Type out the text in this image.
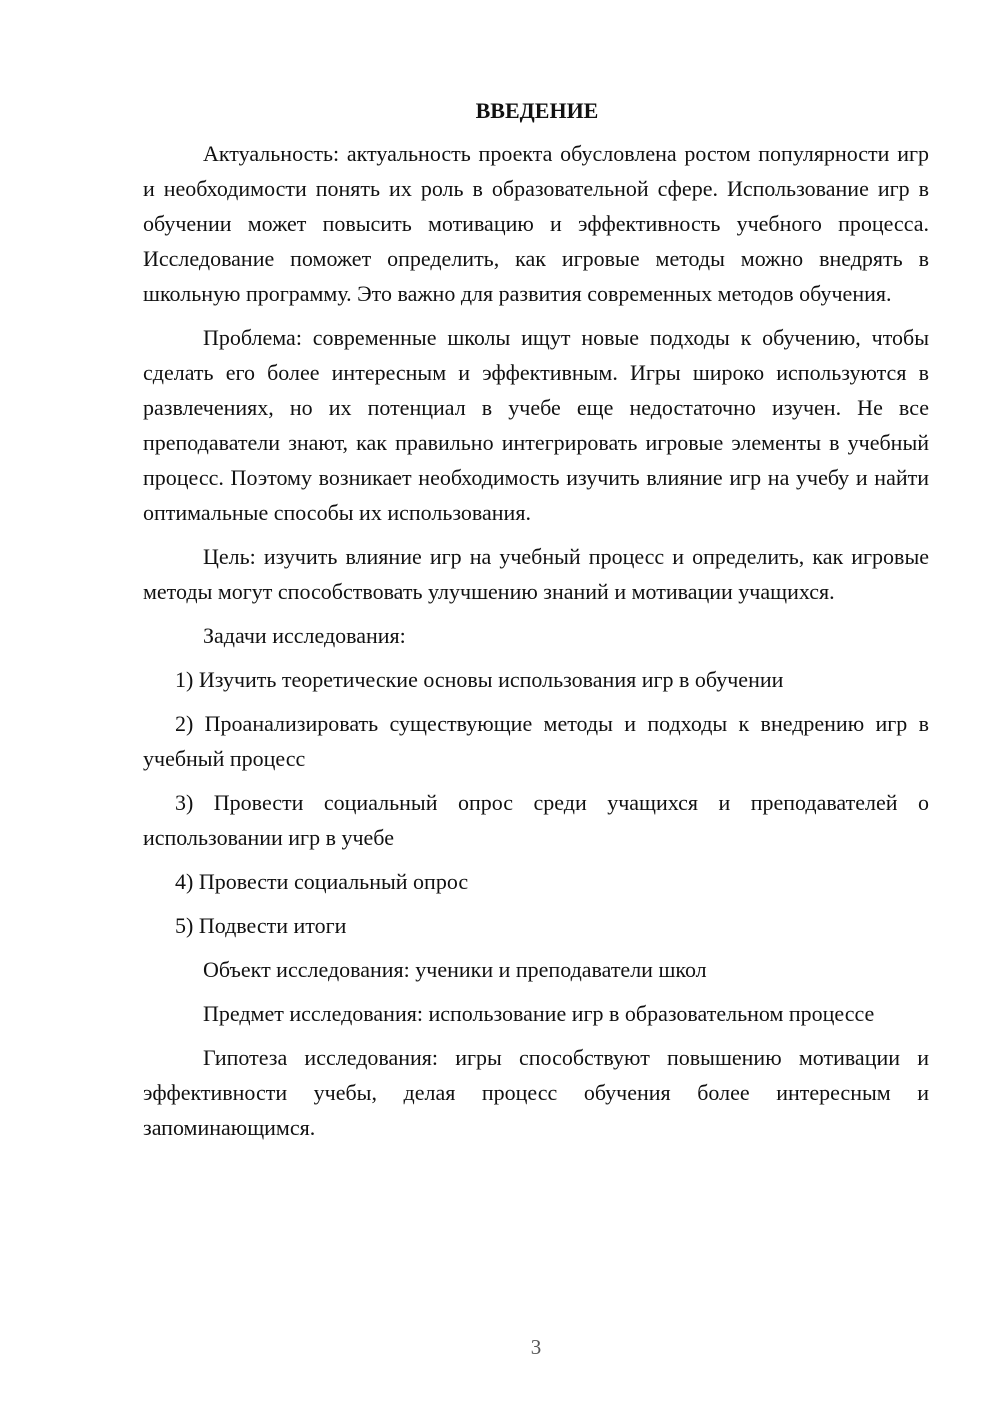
ВВЕДЕНИЕ

Актуальность: актуальность проекта обусловлена ростом популярности игр и необходимости понять их роль в образовательной сфере. Использование игр в обучении может повысить мотивацию и эффективность учебного процесса. Исследование поможет определить, как игровые методы можно внедрять в школьную программу. Это важно для развития современных методов обучения.

Проблема: современные школы ищут новые подходы к обучению, чтобы сделать его более интересным и эффективным. Игры широко используются в развлечениях, но их потенциал в учебе еще недостаточно изучен. Не все преподаватели знают, как правильно интегрировать игровые элементы в учебный процесс. Поэтому возникает необходимость изучить влияние игр на учебу и найти оптимальные способы их использования.

Цель: изучить влияние игр на учебный процесс и определить, как игровые методы могут способствовать улучшению знаний и мотивации учащихся.

Задачи исследования:

1) Изучить теоретические основы использования игр в обучении

2) Проанализировать существующие методы и подходы к внедрению игр в учебный процесс

3) Провести социальный опрос среди учащихся и преподавателей о использовании игр в учебе

4) Провести социальный опрос

5) Подвести итоги

Объект исследования: ученики и преподаватели школ

Предмет исследования: использование игр в образовательном процессе

Гипотеза исследования: игры способствуют повышению мотивации и эффективности учебы, делая процесс обучения более интересным и запоминающимся.

3
